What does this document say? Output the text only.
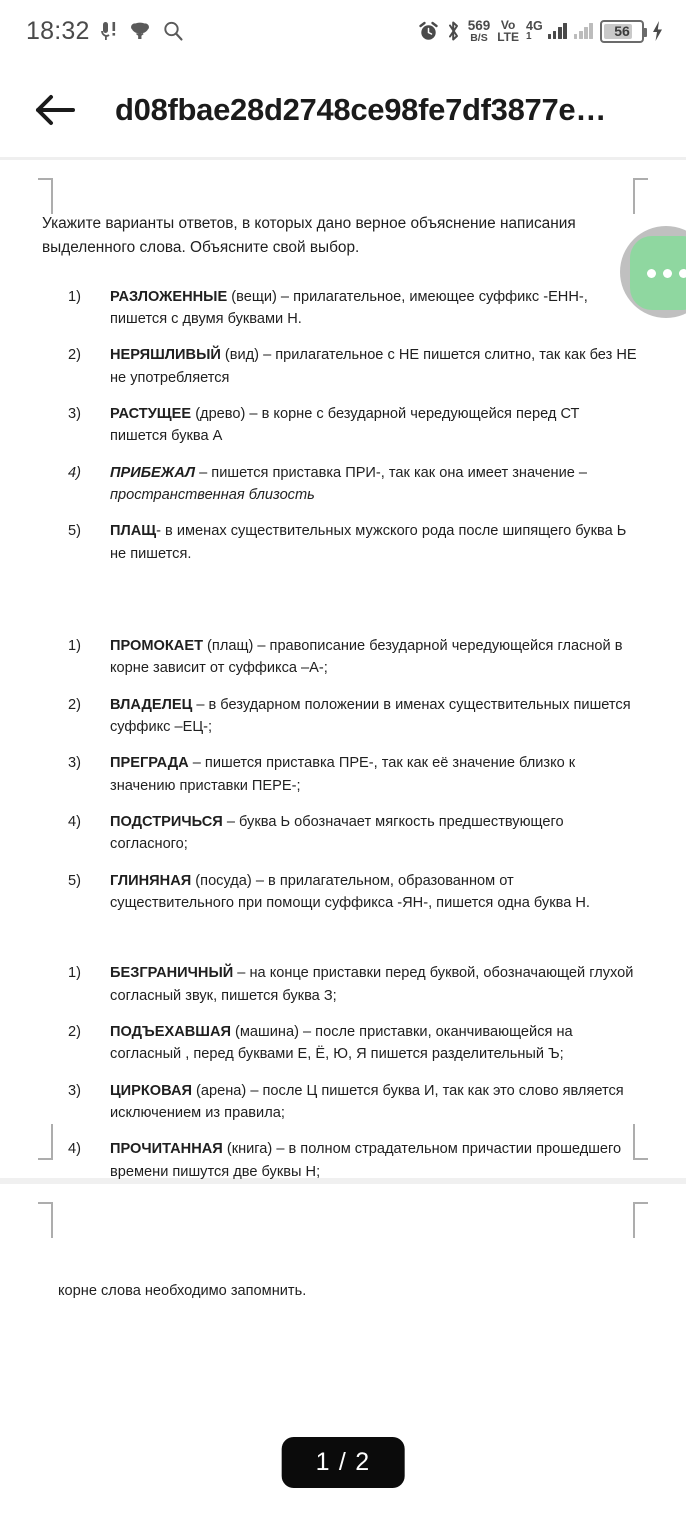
18:32	569
B/S
Vo
LTE
4G
1	56
d08fbae28d2748ce98fe7df3877e…

Укажите варианты ответов, в которых дано верное объяснение написания выделенного слова. Объясните свой выбор.

1) РАЗЛОЖЕННЫЕ (вещи) – прилагательное, имеющее суффикс -ЕНН-, пишется с двумя буквами Н.
2) НЕРЯШЛИВЫЙ (вид) – прилагательное с НЕ пишется слитно, так как без НЕ не употребляется
3) РАСТУЩЕЕ (древо) – в корне с безударной чередующейся перед СТ пишется буква А
4) ПРИБЕЖАЛ – пишется приставка ПРИ-, так как она имеет значение – пространственная близость
5) ПЛАЩ- в именах существительных мужского рода после шипящего буква Ь не пишется.
1) ПРОМОКАЕТ (плащ) – правописание безударной чередующейся гласной в корне зависит от суффикса –А-;
2) ВЛАДЕЛЕЦ – в безударном положении в именах существительных пишется суффикс –ЕЦ-;
3) ПРЕГРАДА – пишется приставка ПРЕ-, так как её значение близко к значению приставки ПЕРЕ-;
4) ПОДСТРИЧЬСЯ – буква Ь обозначает мягкость предшествующего согласного;
5) ГЛИНЯНАЯ (посуда) – в прилагательном, образованном от существительного при помощи суффикса -ЯН-, пишется одна буква Н.
1) БЕЗГРАНИЧНЫЙ – на конце приставки перед буквой, обозначающей глухой согласный звук, пишется буква З;
2) ПОДЪЕХАВШАЯ (машина) – после приставки, оканчивающейся на согласный , перед буквами Е, Ё, Ю, Я пишется разделительный Ъ;
3) ЦИРКОВАЯ (арена) – после Ц пишется буква И, так как это слово является исключением из правила;
4) ПРОЧИТАННАЯ (книга) – в полном страдательном причастии прошедшего времени пишутся две буквы Н;
корне слова необходимо запомнить.
1 / 2
